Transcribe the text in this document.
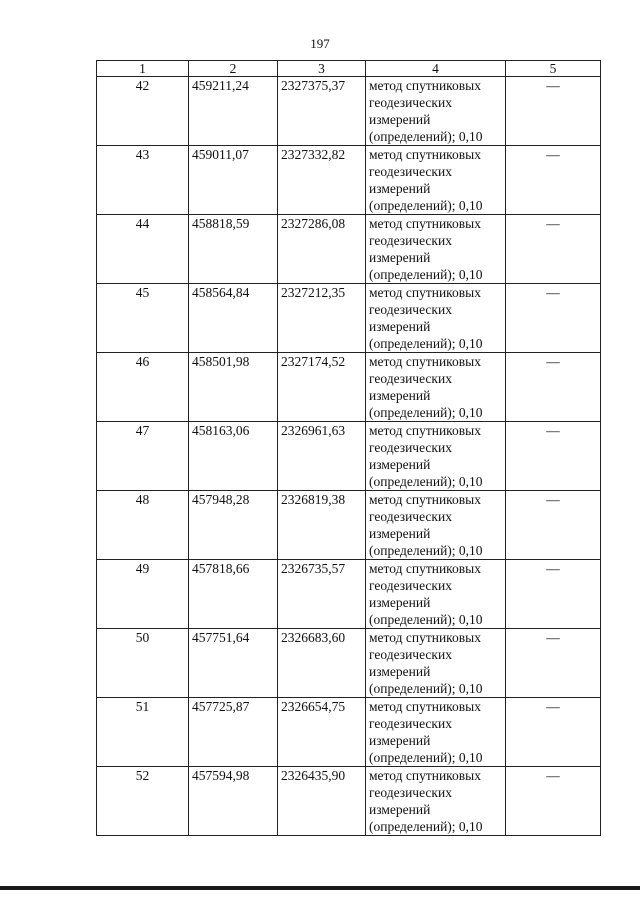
197
1	2	3	4	5
42	459211,24	2327375,37	метод спутниковых
геодезических
измерений
(определений); 0,10	—
43	459011,07	2327332,82	метод спутниковых
геодезических
измерений
(определений); 0,10	—
44	458818,59	2327286,08	метод спутниковых
геодезических
измерений
(определений); 0,10	—
45	458564,84	2327212,35	метод спутниковых
геодезических
измерений
(определений); 0,10	—
46	458501,98	2327174,52	метод спутниковых
геодезических
измерений
(определений); 0,10	—
47	458163,06	2326961,63	метод спутниковых
геодезических
измерений
(определений); 0,10	—
48	457948,28	2326819,38	метод спутниковых
геодезических
измерений
(определений); 0,10	—
49	457818,66	2326735,57	метод спутниковых
геодезических
измерений
(определений); 0,10	—
50	457751,64	2326683,60	метод спутниковых
геодезических
измерений
(определений); 0,10	—
51	457725,87	2326654,75	метод спутниковых
геодезических
измерений
(определений); 0,10	—
52	457594,98	2326435,90	метод спутниковых
геодезических
измерений
(определений); 0,10	—
